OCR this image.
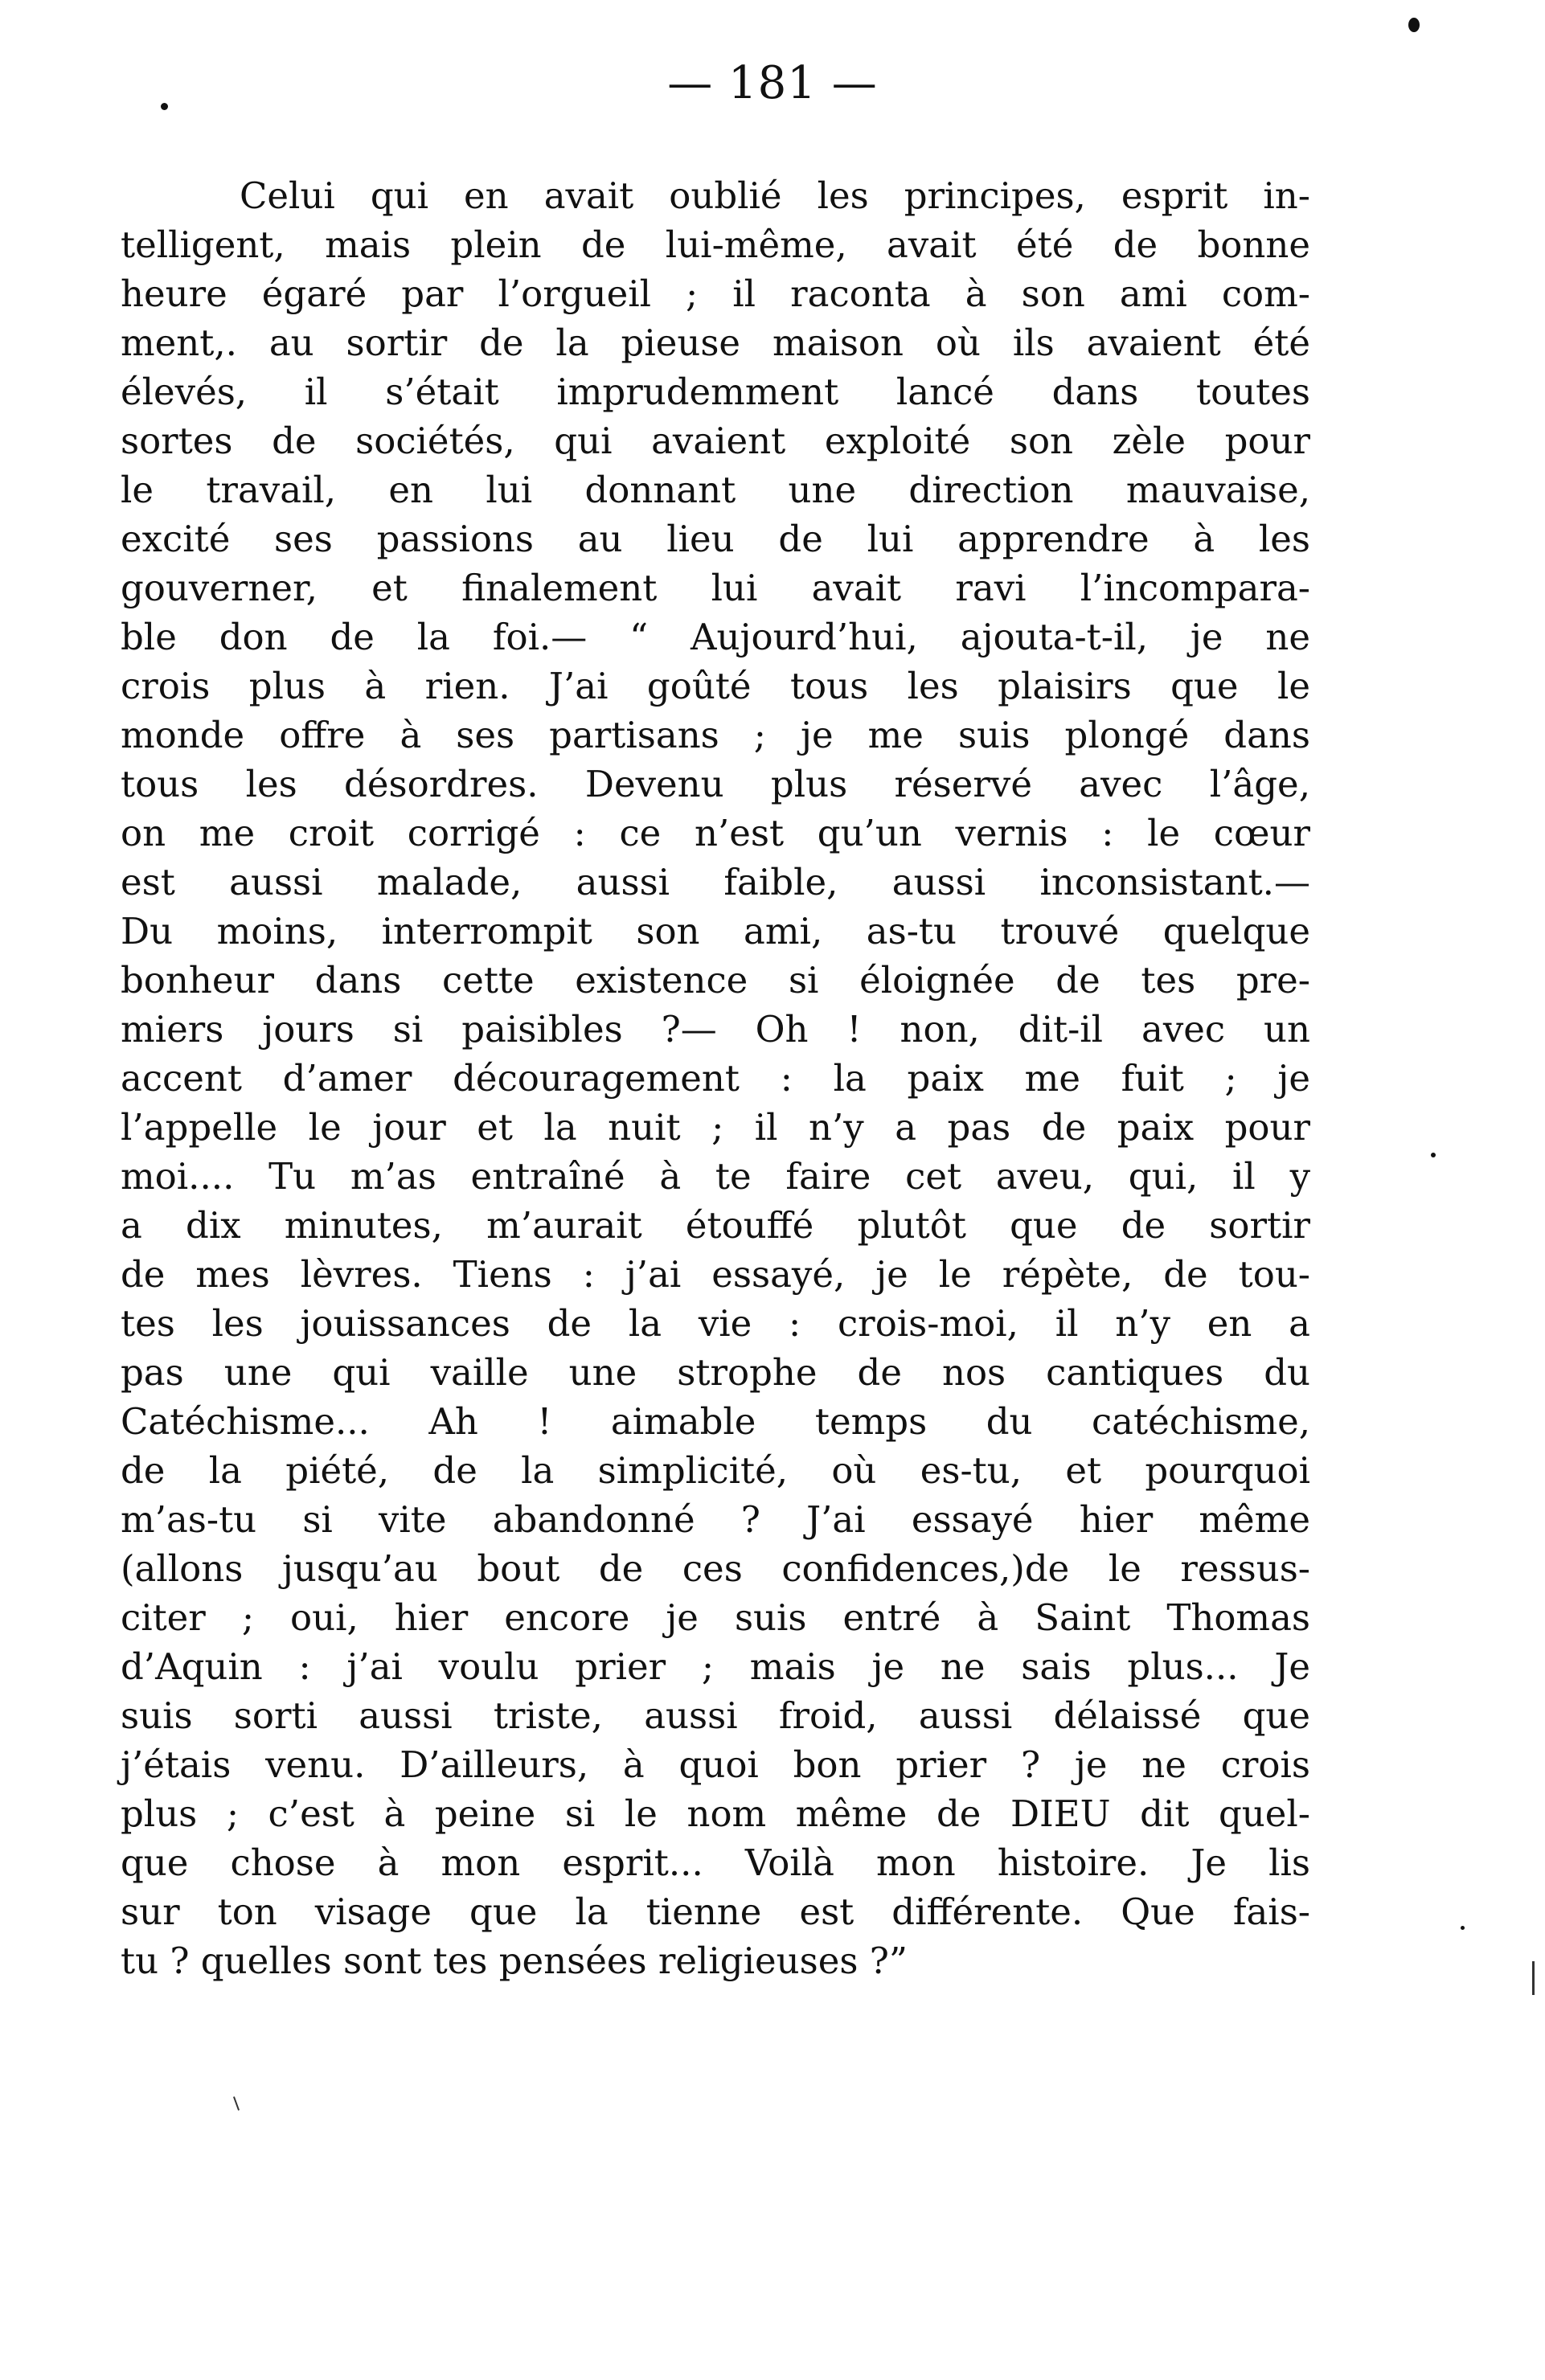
— 181 —
Celui qui en avait oublié les principes, esprit in-
telligent, mais plein de lui-même, avait été de bonne
heure égaré par l’orgueil ; il raconta à son ami com-
ment,. au sortir de la pieuse maison où ils avaient été
élevés, il s’était imprudemment lancé dans toutes
sortes de sociétés, qui avaient exploité son zèle pour
le travail, en lui donnant une direction mauvaise,
excité ses passions au lieu de lui apprendre à les
gouverner, et finalement lui avait ravi l’incompara-
ble don de la foi.— “ Aujourd’hui, ajouta-t-il, je ne
crois plus à rien. J’ai goûté tous les plaisirs que le
monde offre à ses partisans ; je me suis plongé dans
tous les désordres. Devenu plus réservé avec l’âge,
on me croit corrigé : ce n’est qu’un vernis : le cœur
est aussi malade, aussi faible, aussi inconsistant.—
Du moins, interrompit son ami, as-tu trouvé quelque
bonheur dans cette existence si éloignée de tes pre-
miers jours si paisibles ?— Oh ! non, dit-il avec un
accent d’amer découragement : la paix me fuit ; je
l’appelle le jour et la nuit ; il n’y a pas de paix pour
moi.... Tu m’as entraîné à te faire cet aveu, qui, il y
a dix minutes, m’aurait étouffé plutôt que de sortir
de mes lèvres. Tiens : j’ai essayé, je le répète, de tou-
tes les jouissances de la vie : crois-moi, il n’y en a
pas une qui vaille une strophe de nos cantiques du
Catéchisme... Ah ! aimable temps du catéchisme,
de la piété, de la simplicité, où es-tu, et pourquoi
m’as-tu si vite abandonné ? J’ai essayé hier même
(allons jusqu’au bout de ces confidences,)de le ressus-
citer ; oui, hier encore je suis entré à Saint Thomas
d’Aquin : j’ai voulu prier ; mais je ne sais plus... Je
suis sorti aussi triste, aussi froid, aussi délaissé que
j’étais venu. D’ailleurs, à quoi bon prier ? je ne crois
plus ; c’est à peine si le nom même de DIEU dit quel-
que chose à mon esprit... Voilà mon histoire. Je lis
sur ton visage que la tienne est différente. Que fais-
tu ? quelles sont tes pensées religieuses ?”
